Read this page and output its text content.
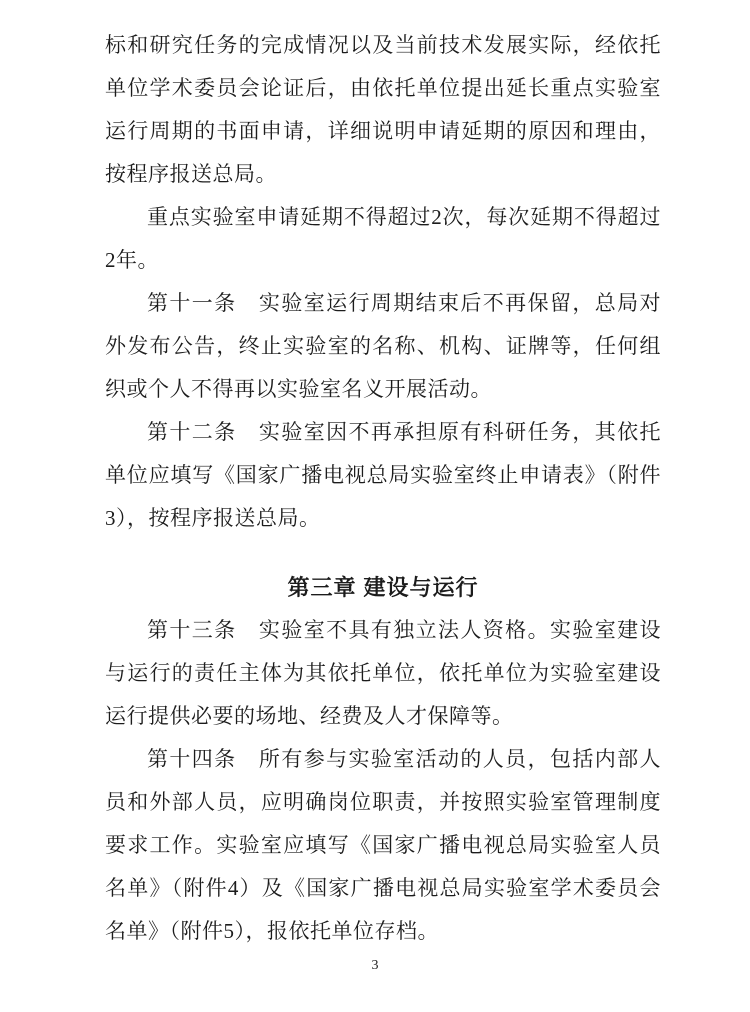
标和研究任务的完成情况以及当前技术发展实际，经依托单位学术委员会论证后，由依托单位提出延长重点实验室运行周期的书面申请，详细说明申请延期的原因和理由，按程序报送总局。

重点实验室申请延期不得超过2次，每次延期不得超过2年。

第十一条　实验室运行周期结束后不再保留，总局对外发布公告，终止实验室的名称、机构、证牌等，任何组织或个人不得再以实验室名义开展活动。

第十二条　实验室因不再承担原有科研任务，其依托单位应填写《国家广播电视总局实验室终止申请表》（附件 3），按程序报送总局。

第三章 建设与运行

第十三条　实验室不具有独立法人资格。实验室建设与运行的责任主体为其依托单位，依托单位为实验室建设运行提供必要的场地、经费及人才保障等。

第十四条　所有参与实验室活动的人员，包括内部人员和外部人员，应明确岗位职责，并按照实验室管理制度要求工作。实验室应填写《国家广播电视总局实验室人员名单》（附件4）及《国家广播电视总局实验室学术委员会名单》（附件5），报依托单位存档。

3
